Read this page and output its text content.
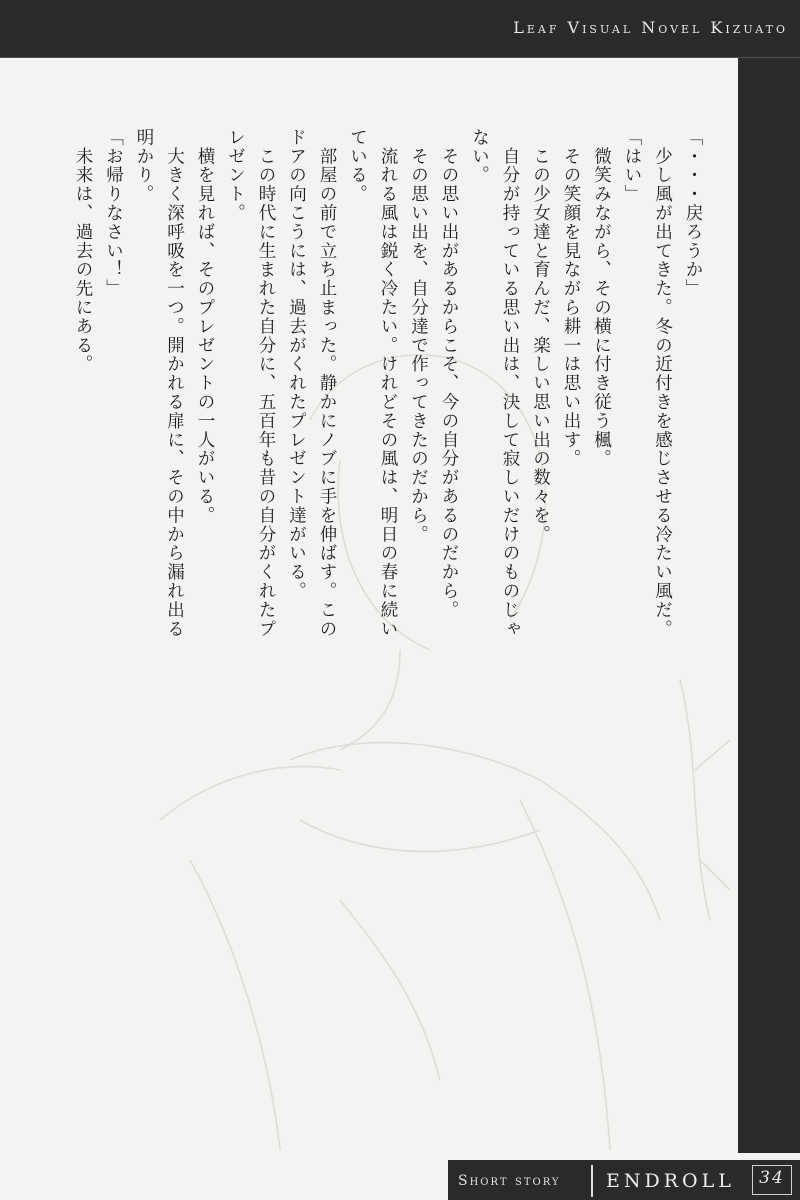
Leaf Visual Novel Kizuato
「・・・戻ろうか」
　少し風が出てきた。冬の近付きを感じさせる冷たい風だ。
「はい」
　微笑みながら、その横に付き従う楓。
　その笑顔を見ながら耕一は思い出す。
　この少女達と育んだ、楽しい思い出の数々を。
　自分が持っている思い出は、決して寂しいだけのものじゃ
ない。
　その思い出があるからこそ、今の自分があるのだから。
　その思い出を、自分達で作ってきたのだから。
　流れる風は鋭く冷たい。けれどその風は、明日の春に続い
ている。
　部屋の前で立ち止まった。静かにノブに手を伸ばす。この
ドアの向こうには、過去がくれたプレゼント達がいる。
　この時代に生まれた自分に、五百年も昔の自分がくれたプ
レゼント。
　横を見れば、そのプレゼントの一人がいる。
　大きく深呼吸を一つ。開かれる扉に、その中から漏れ出る
明かり。
「お帰りなさい！」
　未来は、過去の先にある。
Short story ENDROLL	34
